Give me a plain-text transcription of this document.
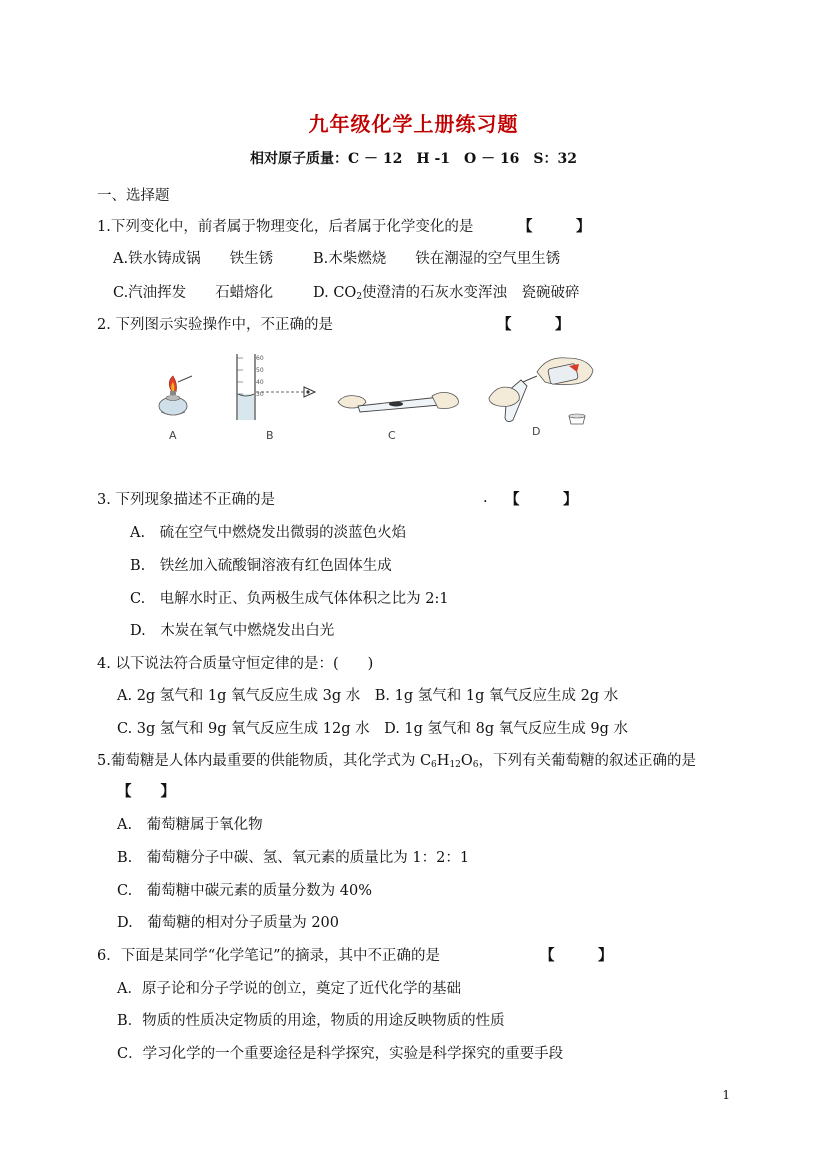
九年级化学上册练习题
相对原子质量：C － 12　H -1　O － 16　S：32
一、选择题
1.下列变化中，前者属于物理变化，后者属于化学变化的是	【　　　】
A.铁水铸成锅　　铁生锈	B.木柴燃烧　　铁在潮湿的空气里生锈
C.汽油挥发　　石蜡熔化	D. $CO_2$使澄清的石灰水变浑浊　瓷碗破碎
2. 下列图示实验操作中，不正确的是	【　　　】
A
60
50
40
30
B	C	D
3. 下列现象描述不正确的是	. 【　　　】
A.　硫在空气中燃烧发出微弱的淡蓝色火焰
B.　铁丝加入硫酸铜溶液有红色固体生成
C.　电解水时正、负两极生成气体体积之比为 2:1
D.　木炭在氧气中燃烧发出白光
4. 以下说法符合质量守恒定律的是：(　　)
A. 2g 氢气和 1g 氧气反应生成 3g 水　B. 1g 氢气和 1g 氧气反应生成 2g 水
C. 3g 氢气和 9g 氧气反应生成 12g 水　D. 1g 氢气和 8g 氧气反应生成 9g 水
5.葡萄糖是人体内最重要的供能物质，其化学式为 $C_6H_{12}O_6$，下列有关葡萄糖的叙述正确的是
【　　】
A.　葡萄糖属于氧化物
B.　葡萄糖分子中碳、氢、氧元素的质量比为 1：2：1
C.　葡萄糖中碳元素的质量分数为 40%
D.　葡萄糖的相对分子质量为 200
6．下面是某同学“化学笔记”的摘录，其中不正确的是	【　　　】
A．原子论和分子学说的创立，奠定了近代化学的基础
B．物质的性质决定物质的用途，物质的用途反映物质的性质
C．学习化学的一个重要途径是科学探究，实验是科学探究的重要手段
1
